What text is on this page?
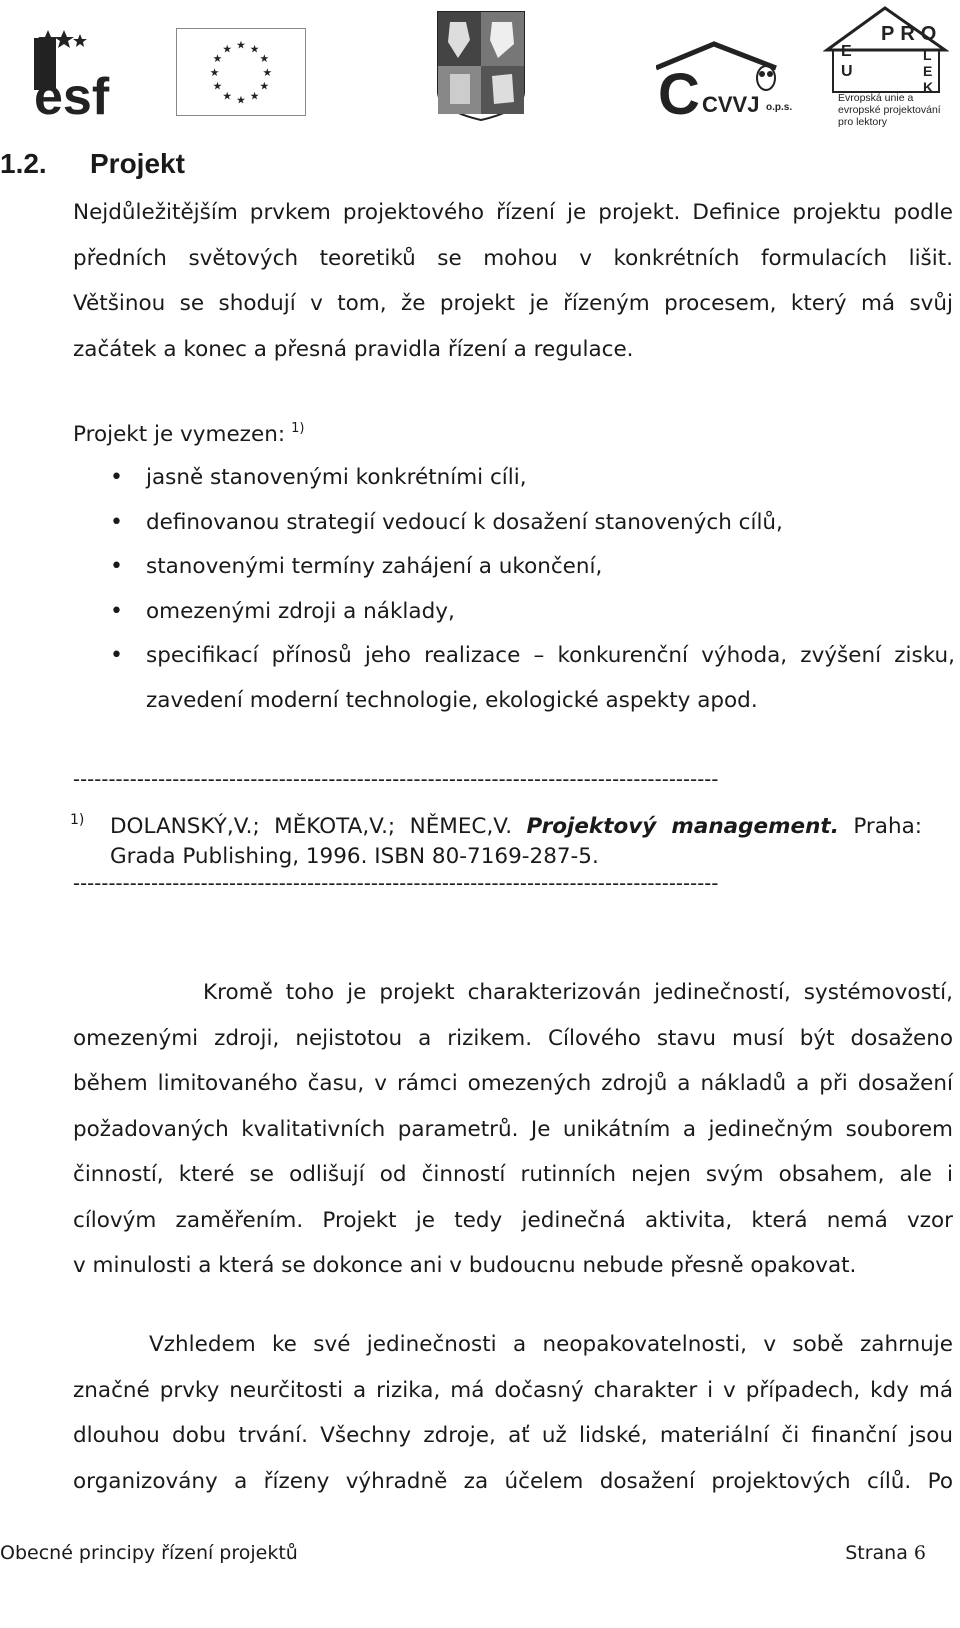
esf
★ ★
★
★
★
★
★
★
★
★
★
★
C CVVJ o.p.s.
PRO
E
U
L
E
K
Evropská unie a evropské projektování pro lektory
1.2. Projekt
Nejdůležitějším prvkem projektového řízení je projekt. Definice projektu podle
předních světových teoretiků se mohou v konkrétních formulacích lišit.
Většinou se shodují v tom, že projekt je řízeným procesem, který má svůj
začátek a konec a přesná pravidla řízení a regulace.
Projekt je vymezen: $^{1)}$
• jasně stanovenými konkrétními cíli,
• definovanou strategií vedoucí k dosažení stanovených cílů,
• stanovenými termíny zahájení a ukončení,
• omezenými zdroji a náklady,
• specifikací přínosů jeho realizace – konkurenční výhoda, zvýšení zisku,
zavedení moderní technologie, ekologické aspekty apod.
-------------------------------------------------------------------------------------------
1) DOLANSKÝ,V.; MĚKOTA,V.; NĚMEC,V. Projektový management. Praha:
Grada Publishing, 1996. ISBN 80-7169-287-5.
-------------------------------------------------------------------------------------------
Kromě toho je projekt charakterizován jedinečností, systémovostí,
omezenými zdroji, nejistotou a rizikem. Cílového stavu musí být dosaženo
během limitovaného času, v rámci omezených zdrojů a nákladů a při dosažení
požadovaných kvalitativních parametrů. Je unikátním a jedinečným souborem
činností, které se odlišují od činností rutinních nejen svým obsahem, ale i
cílovým zaměřením. Projekt je tedy jedinečná aktivita, která nemá vzor
v minulosti a která se dokonce ani v budoucnu nebude přesně opakovat.
Vzhledem ke své jedinečnosti a neopakovatelnosti, v sobě zahrnuje
značné prvky neurčitosti a rizika, má dočasný charakter i v případech, kdy má
dlouhou dobu trvání. Všechny zdroje, ať už lidské, materiální či finanční jsou
organizovány a řízeny výhradně za účelem dosažení projektových cílů. Po
Obecné principy řízení projektů	Strana 6
